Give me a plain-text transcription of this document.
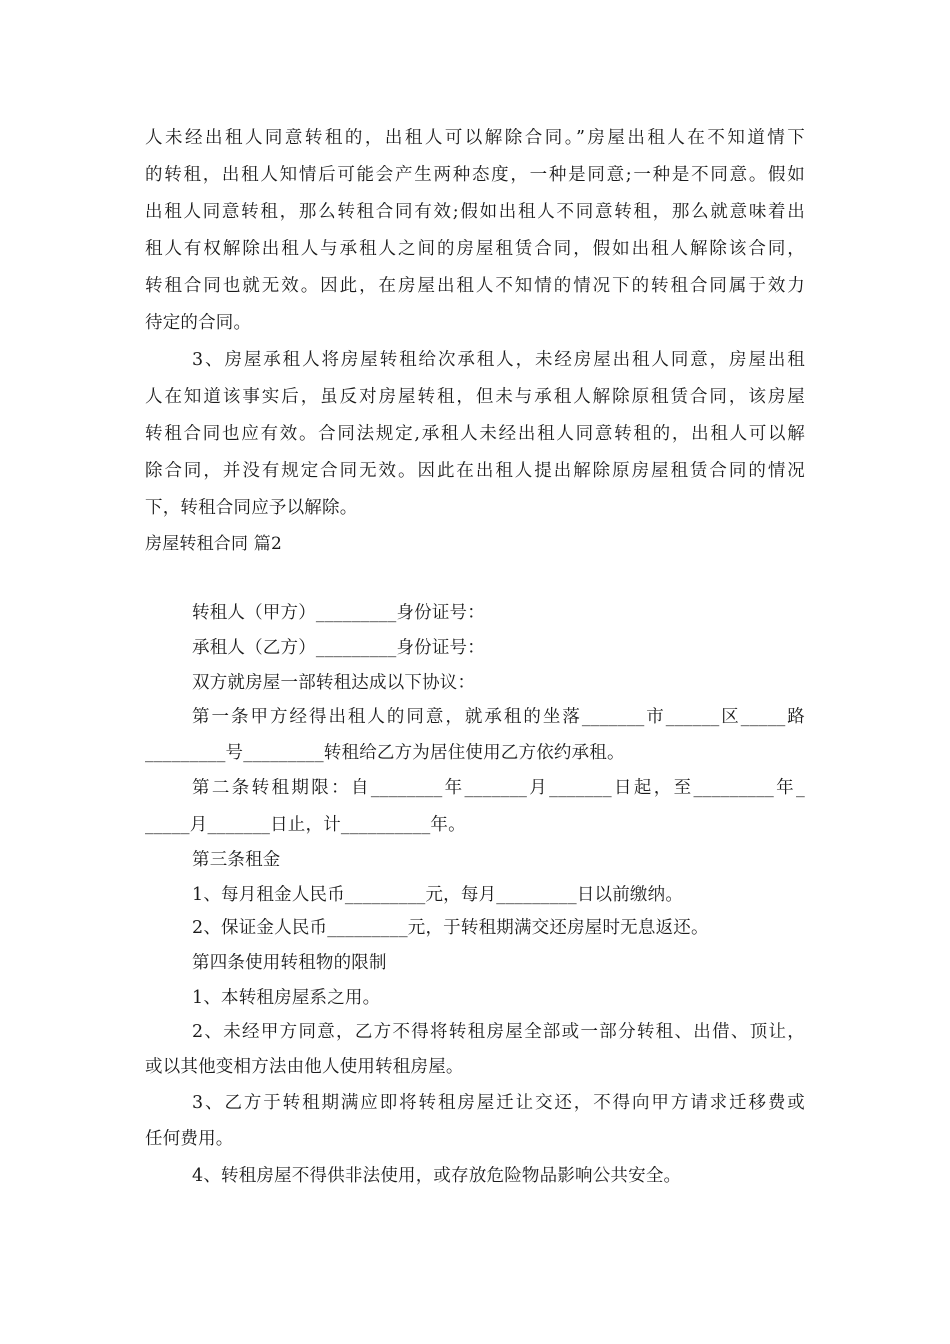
人未经出租人同意转租的，出租人可以解除合同。”房屋出租人在不知道情下
的转租，出租人知情后可能会产生两种态度，一种是同意;一种是不同意。假如
出租人同意转租，那么转租合同有效;假如出租人不同意转租，那么就意味着出
租人有权解除出租人与承租人之间的房屋租赁合同，假如出租人解除该合同，
转租合同也就无效。因此，在房屋出租人不知情的情况下的转租合同属于效力
待定的合同。
3、房屋承租人将房屋转租给次承租人，未经房屋出租人同意，房屋出租
人在知道该事实后，虽反对房屋转租，但未与承租人解除原租赁合同，该房屋
转租合同也应有效。合同法规定,承租人未经出租人同意转租的，出租人可以解
除合同，并没有规定合同无效。因此在出租人提出解除原房屋租赁合同的情况
下，转租合同应予以解除。
房屋转租合同 篇2
转租人（甲方）_________身份证号：
承租人（乙方）_________身份证号：
双方就房屋一部转租达成以下协议：
第一条甲方经得出租人的同意，就承租的坐落_______市______区_____路
_________号_________转租给乙方为居住使用乙方依约承租。
第二条转租期限：自________年_______月_______日起，至_________年_
_____月_______日止，计__________年。
第三条租金
1、每月租金人民币_________元，每月_________日以前缴纳。
2、保证金人民币_________元，于转租期满交还房屋时无息返还。
第四条使用转租物的限制
1、本转租房屋系之用。
2、未经甲方同意，乙方不得将转租房屋全部或一部分转租、出借、顶让，
或以其他变相方法由他人使用转租房屋。
3、乙方于转租期满应即将转租房屋迁让交还，不得向甲方请求迁移费或
任何费用。
4、转租房屋不得供非法使用，或存放危险物品影响公共安全。
